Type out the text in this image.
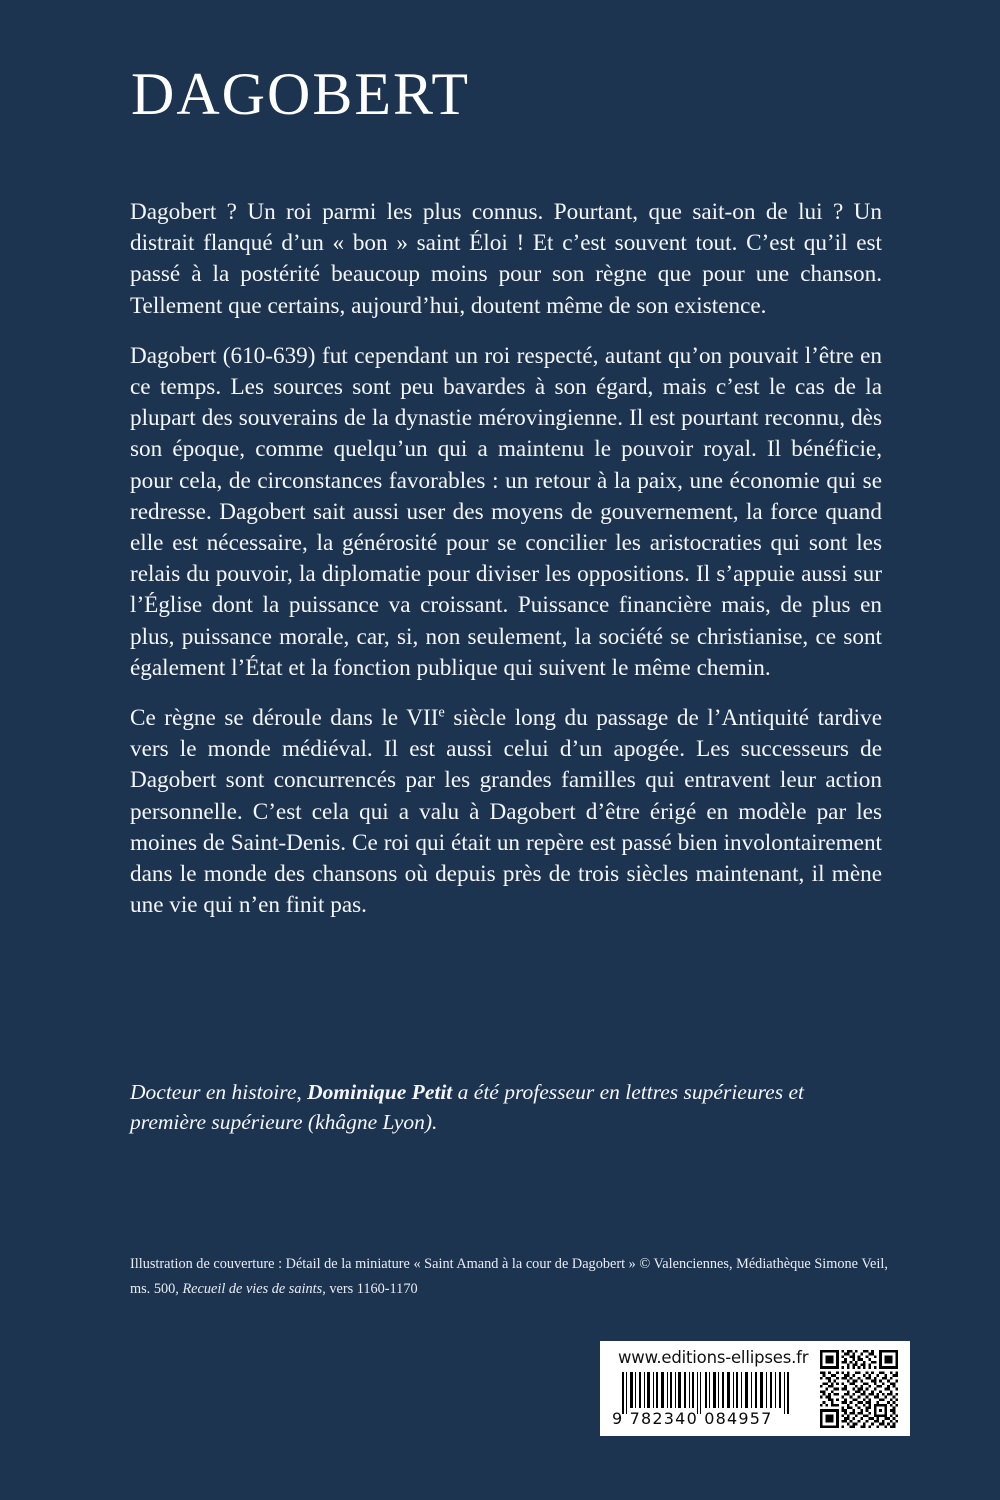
DAGOBERT

Dagobert ? Un roi parmi les plus connus. Pourtant, que sait-on de lui ? Un distrait flanqué d’un « bon » saint Éloi ! Et c’est souvent tout. C’est qu’il est passé à la postérité beaucoup moins pour son règne que pour une chanson. Tellement que certains, aujourd’hui, doutent même de son existence.

Dagobert (610-639) fut cependant un roi respecté, autant qu’on pouvait l’être en ce temps. Les sources sont peu bavardes à son égard, mais c’est le cas de la plupart des souverains de la dynastie mérovingienne. Il est pourtant reconnu, dès son époque, comme quelqu’un qui a maintenu le pouvoir royal. Il bénéficie, pour cela, de circonstances favorables : un retour à la paix, une économie qui se redresse. Dagobert sait aussi user des moyens de gouvernement, la force quand elle est nécessaire, la générosité pour se concilier les aristocraties qui sont les relais du pouvoir, la diplomatie pour diviser les oppositions. Il s’appuie aussi sur l’Église dont la puissance va croissant. Puissance financière mais, de plus en plus, puissance morale, car, si, non seulement, la société se christianise, ce sont également l’État et la fonction publique qui suivent le même chemin.

Ce règne se déroule dans le VIIe siècle long du passage de l’Antiquité tardive vers le monde médiéval. Il est aussi celui d’un apogée. Les successeurs de Dagobert sont concurrencés par les grandes familles qui entravent leur action personnelle. C’est cela qui a valu à Dagobert d’être érigé en modèle par les moines de Saint-Denis. Ce roi qui était un repère est passé bien involontairement dans le monde des chansons où depuis près de trois siècles maintenant, il mène une vie qui n’en finit pas.

Docteur en histoire, Dominique Petit a été professeur en lettres supérieures et première supérieure (khâgne Lyon).
Illustration de couverture : Détail de la miniature « Saint Amand à la cour de Dagobert » © Valenciennes, Médiathèque Simone Veil, ms. 500, Recueil de vies de saints, vers 1160-1170
www.editions-ellipses.fr
9 782340 084957
